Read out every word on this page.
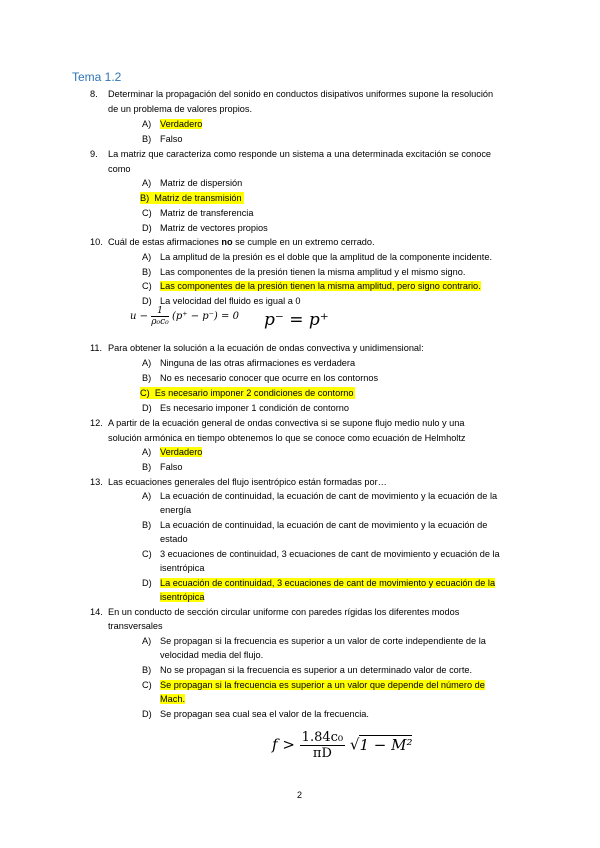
Tema 1.2
8. Determinar la propagación del sonido en conductos disipativos uniformes supone la resolución
de un problema de valores propios.
A) Verdadero
B) Falso
9. La matriz que caracteriza como responde un sistema a una determinada excitación se conoce
como
A) Matriz de dispersión
B) Matriz de transmisión
C) Matriz de transferencia
D) Matriz de vectores propios
10. Cuál de estas afirmaciones no se cumple en un extremo cerrado.
A) La amplitud de la presión es el doble que la amplitud de la componente incidente.
B) Las componentes de la presión tienen la misma amplitud y el mismo signo.
C) Las componentes de la presión tienen la misma amplitud, pero signo contrario.
D) La velocidad del fluido es igual a 0
$u - \frac{1}{\text{ρ₀c₀}} (p^+ - p^-) = 0$ p⁻ = p⁺
11. Para obtener la solución a la ecuación de ondas convectiva y unidimensional:
A) Ninguna de las otras afirmaciones es verdadera
B) No es necesario conocer que ocurre en los contornos
C) Es necesario imponer 2 condiciones de contorno
D) Es necesario imponer 1 condición de contorno
12. A partir de la ecuación general de ondas convectiva si se supone flujo medio nulo y una
solución armónica en tiempo obtenemos lo que se conoce como ecuación de Helmholtz
A) Verdadero
B) Falso
13. Las ecuaciones generales del flujo isentrópico están formadas por…
A) La ecuación de continuidad, la ecuación de cant de movimiento y la ecuación de la
energía
B) La ecuación de continuidad, la ecuación de cant de movimiento y la ecuación de
estado
C) 3 ecuaciones de continuidad, 3 ecuaciones de cant de movimiento y ecuación de la
isentrópica
D) La ecuación de continuidad, 3 ecuaciones de cant de movimiento y ecuación de la
isentrópica
14. En un conducto de sección circular uniforme con paredes rígidas los diferentes modos
transversales
A) Se propagan si la frecuencia es superior a un valor de corte independiente de la
velocidad media del flujo.
B) No se propagan si la frecuencia es superior a un determinado valor de corte.
C) Se propagan si la frecuencia es superior a un valor que depende del número de
Mach.
D) Se propagan sea cual sea el valor de la frecuencia.
$f > \frac{\text{1.84c₀}}{\pi D} √1 - M^2$
2
